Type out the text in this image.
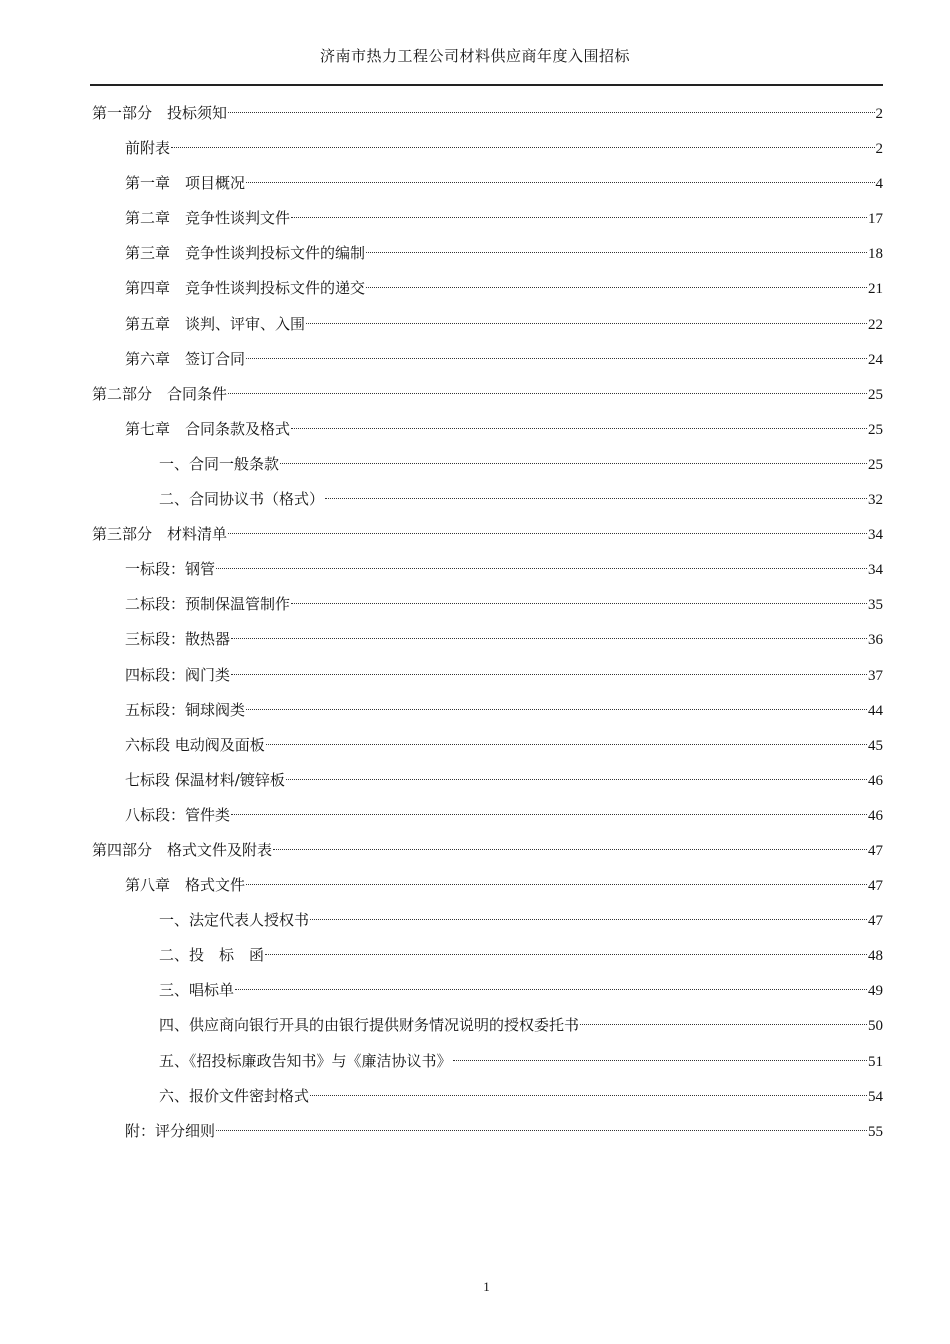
济南市热力工程公司材料供应商年度入围招标
第一部分　投标须知	2
前附表	2
第一章　项目概况	4
第二章　竞争性谈判文件	17
第三章　竞争性谈判投标文件的编制	18
第四章　竞争性谈判投标文件的递交	21
第五章　谈判、评审、入围	22
第六章　签订合同	24
第二部分　合同条件	25
第七章　合同条款及格式	25
一、合同一般条款	25
二、合同协议书（格式）	32
第三部分　材料清单	34
一标段：钢管	34
二标段：预制保温管制作	35
三标段：散热器	36
四标段：阀门类	37
五标段：铜球阀类	44
六标段 电动阀及面板	45
七标段 保温材料/镀锌板	46
八标段：管件类	46
第四部分　格式文件及附表	47
第八章　格式文件	47
一、法定代表人授权书	47
二、投　标　函	48
三、唱标单	49
四、供应商向银行开具的由银行提供财务情况说明的授权委托书	50
五、《招投标廉政告知书》与《廉洁协议书》	51
六、报价文件密封格式	54
附：评分细则	55
1
